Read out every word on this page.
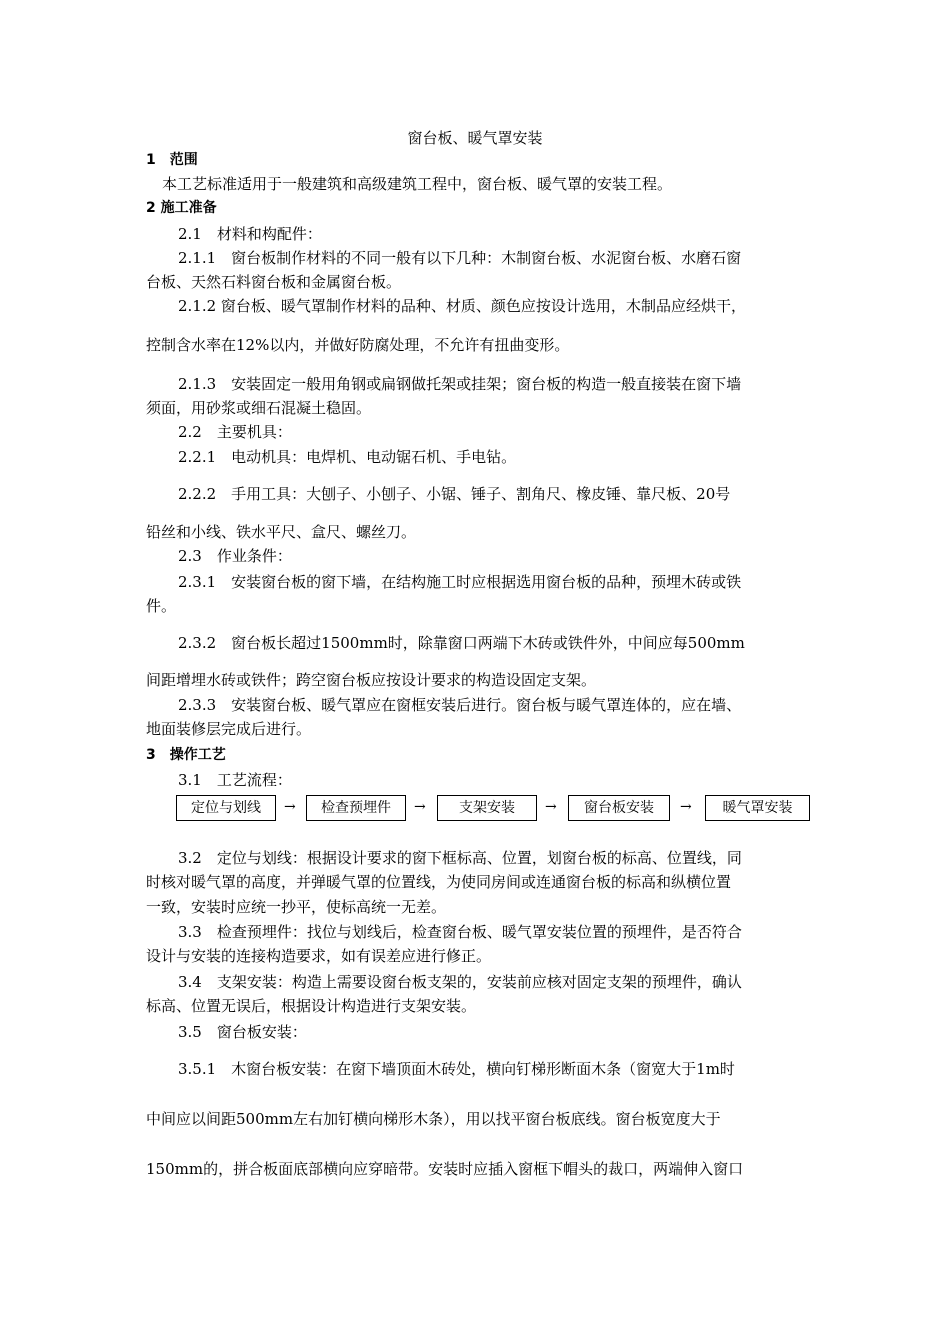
窗台板、暖气罩安装
1　范围
本工艺标准适用于一般建筑和高级建筑工程中，窗台板、暖气罩的安装工程。
2 施工准备
2.1　材料和构配件：
2.1.1　窗台板制作材料的不同一般有以下几种：木制窗台板、水泥窗台板、水磨石窗
台板、天然石料窗台板和金属窗台板。
2.1.2 窗台板、暖气罩制作材料的品种、材质、颜色应按设计选用，木制品应经烘干，
控制含水率在12%以内，并做好防腐处理，不允许有扭曲变形。
2.1.3　安装固定一般用角钢或扁钢做托架或挂架；窗台板的构造一般直接装在窗下墙
须面，用砂浆或细石混凝土稳固。
2.2　主要机具：
2.2.1　电动机具：电焊机、电动锯石机、手电钻。
2.2.2　手用工具：大刨子、小刨子、小锯、锤子、割角尺、橡皮锤、靠尺板、20号
铅丝和小线、铁水平尺、盒尺、螺丝刀。
2.3　作业条件：
2.3.1　安装窗台板的窗下墙，在结构施工时应根据选用窗台板的品种，预埋木砖或铁
件。
2.3.2　窗台板长超过1500mm时，除靠窗口两端下木砖或铁件外，中间应每500mm
间距增埋水砖或铁件；跨空窗台板应按设计要求的构造设固定支架。
2.3.3　安装窗台板、暖气罩应在窗框安装后进行。窗台板与暖气罩连体的，应在墙、
地面装修层完成后进行。
3　操作工艺
3.1　工艺流程：
定位与划线	→	检查预埋件	→	支架安装	→	窗台板安装	→	暖气罩安装
3.2　定位与划线：根据设计要求的窗下框标高、位置，划窗台板的标高、位置线，同
时核对暖气罩的高度，并弹暖气罩的位置线，为使同房间或连通窗台板的标高和纵横位置
一致，安装时应统一抄平，使标高统一无差。
3.3　检查预埋件：找位与划线后，检查窗台板、暖气罩安装位置的预埋件，是否符合
设计与安装的连接构造要求，如有误差应进行修正。
3.4　支架安装：构造上需要设窗台板支架的，安装前应核对固定支架的预埋件，确认
标高、位置无误后，根据设计构造进行支架安装。
3.5　窗台板安装：
3.5.1　木窗台板安装：在窗下墙顶面木砖处，横向钉梯形断面木条（窗宽大于1m时
中间应以间距500mm左右加钉横向梯形木条），用以找平窗台板底线。窗台板宽度大于
150mm的，拼合板面底部横向应穿暗带。安装时应插入窗框下帽头的裁口，两端伸入窗口
